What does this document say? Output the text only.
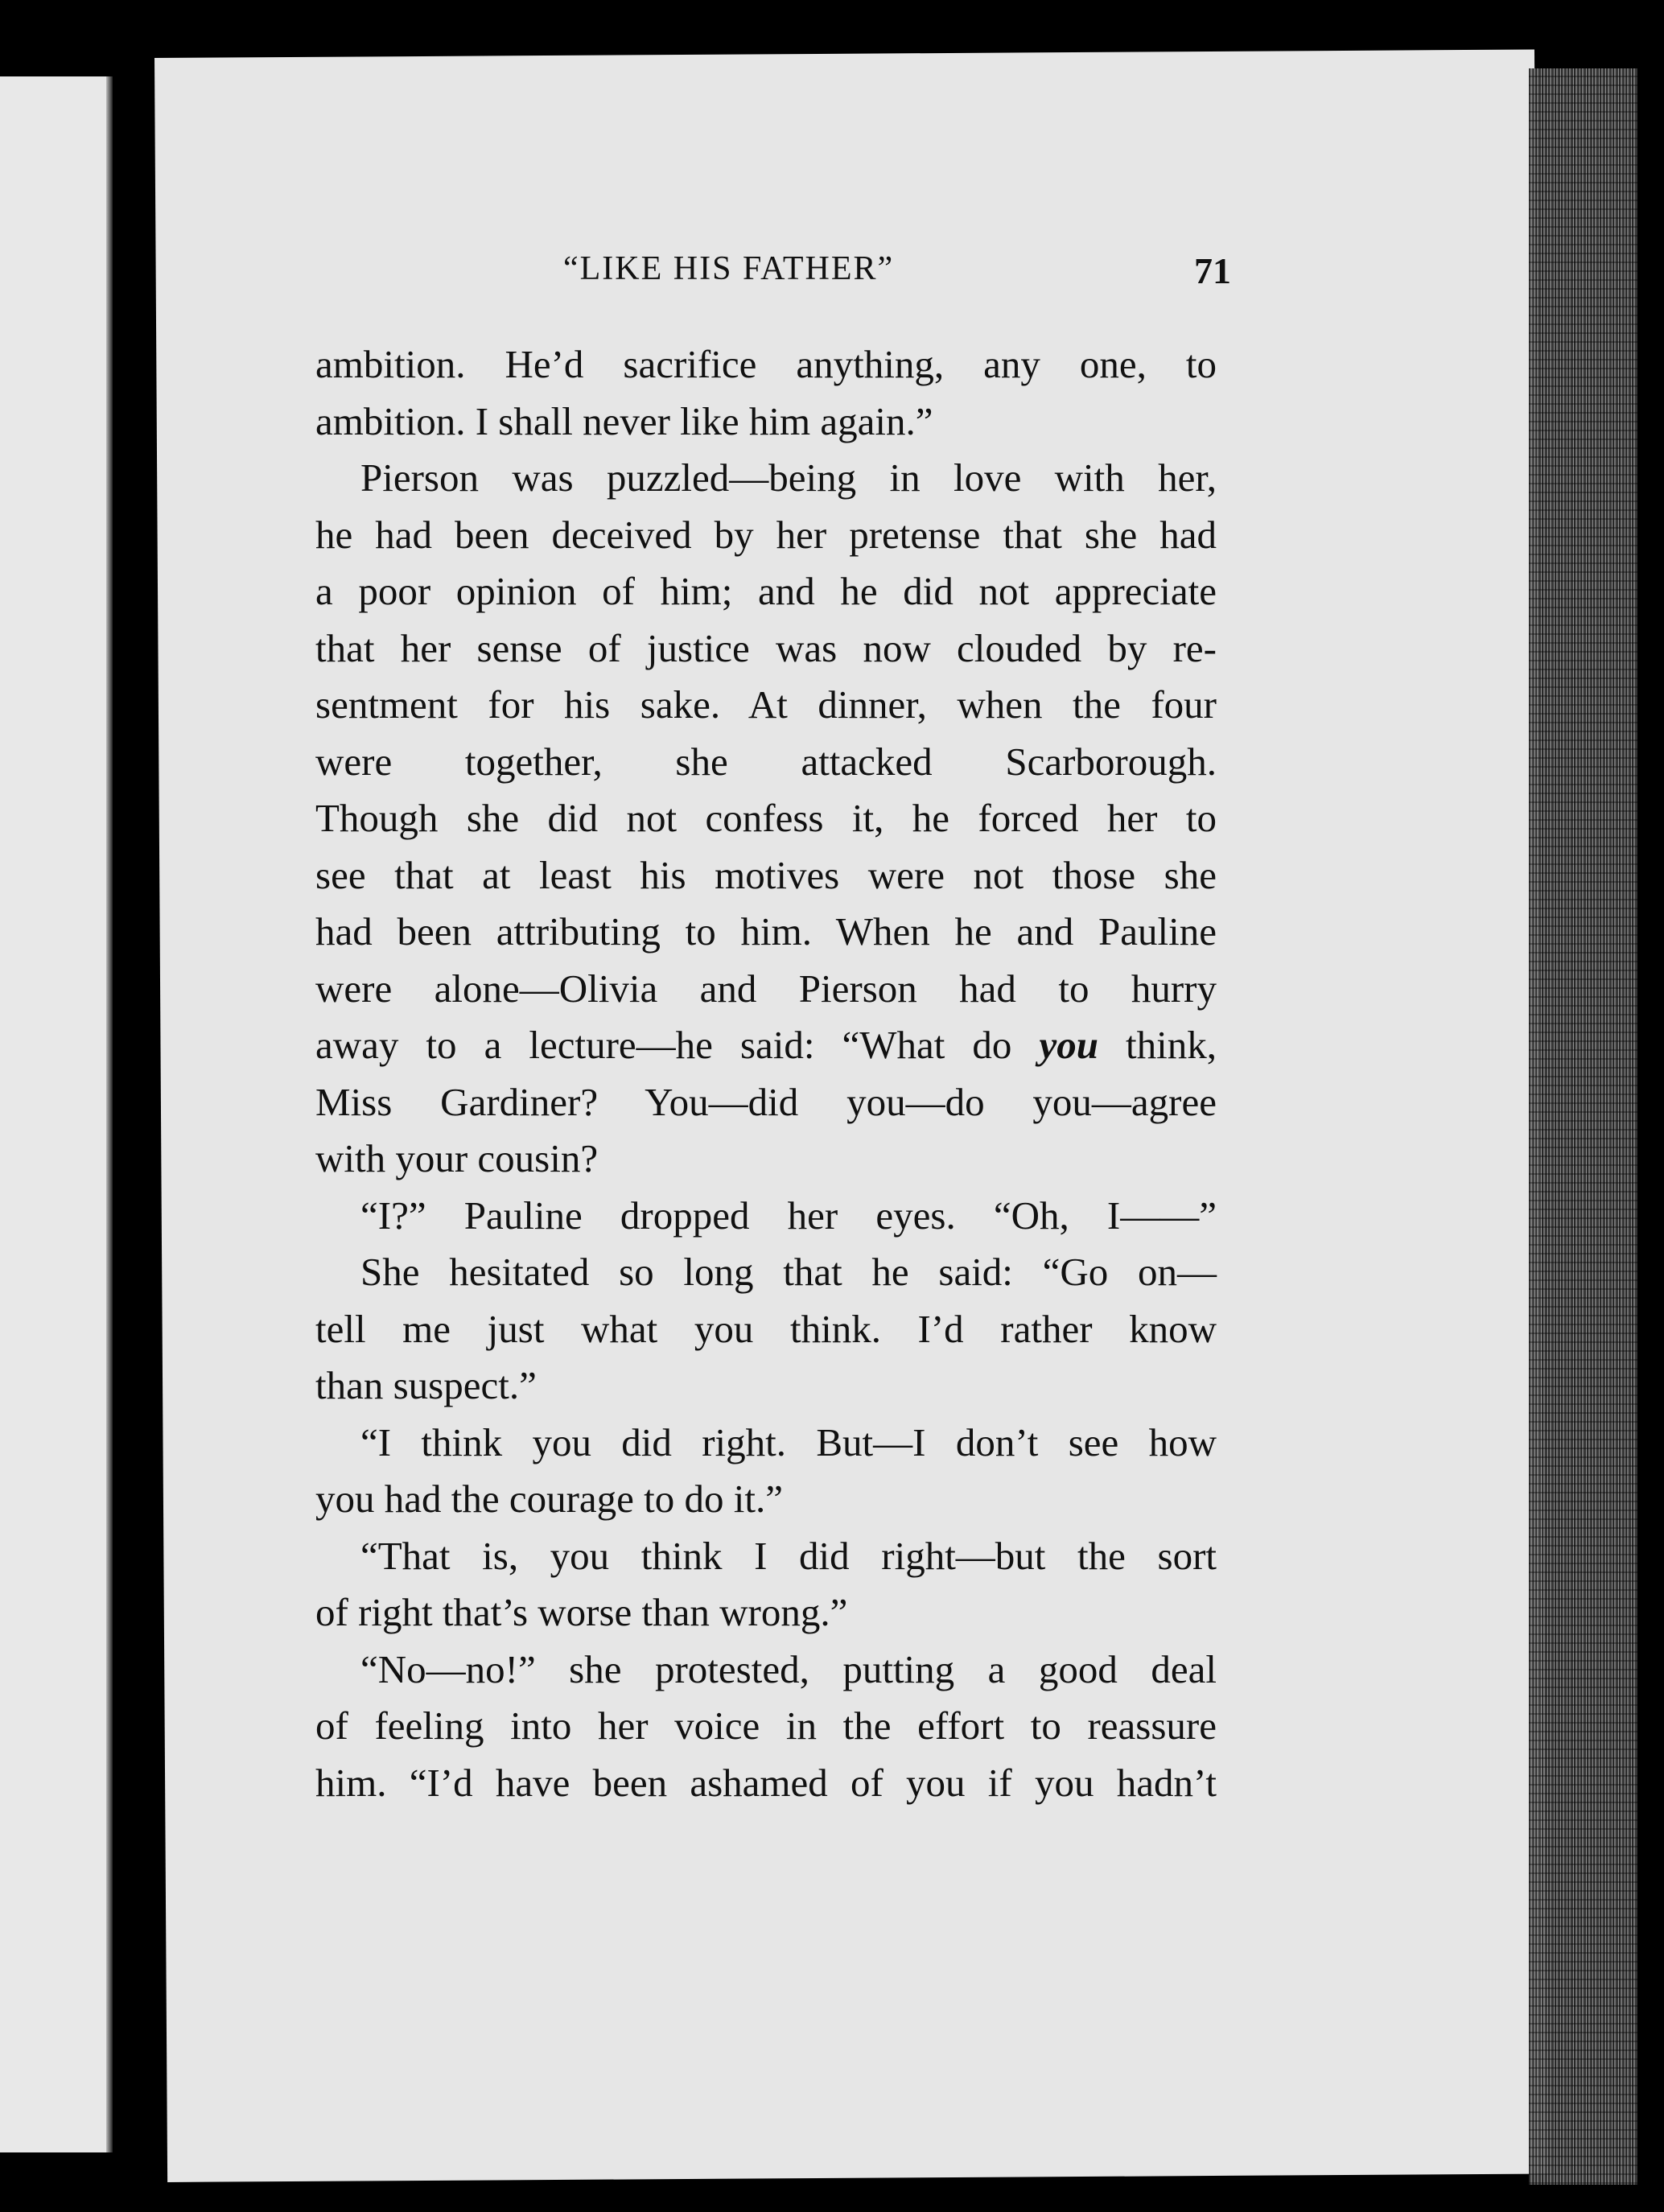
“LIKE HIS FATHER”	71
ambition. He’d sacrifice anything, any one, to
ambition. I shall never like him again.”
Pierson was puzzled—being in love with her,
he had been deceived by her pretense that she had
a poor opinion of him; and he did not appreciate
that her sense of justice was now clouded by re-
sentment for his sake. At dinner, when the four
were together, she attacked Scarborough.
Though she did not confess it, he forced her to
see that at least his motives were not those she
had been attributing to him. When he and Pauline
were alone—Olivia and Pierson had to hurry
away to a lecture—he said: “What do you think,
Miss Gardiner? You—did you—do you—agree
with your cousin?
“I?” Pauline dropped her eyes. “Oh, I——”
She hesitated so long that he said: “Go on—
tell me just what you think. I’d rather know
than suspect.”
“I think you did right. But—I don’t see how
you had the courage to do it.”
“That is, you think I did right—but the sort
of right that’s worse than wrong.”
“No—no!” she protested, putting a good deal
of feeling into her voice in the effort to reassure
him. “I’d have been ashamed of you if you hadn’t
